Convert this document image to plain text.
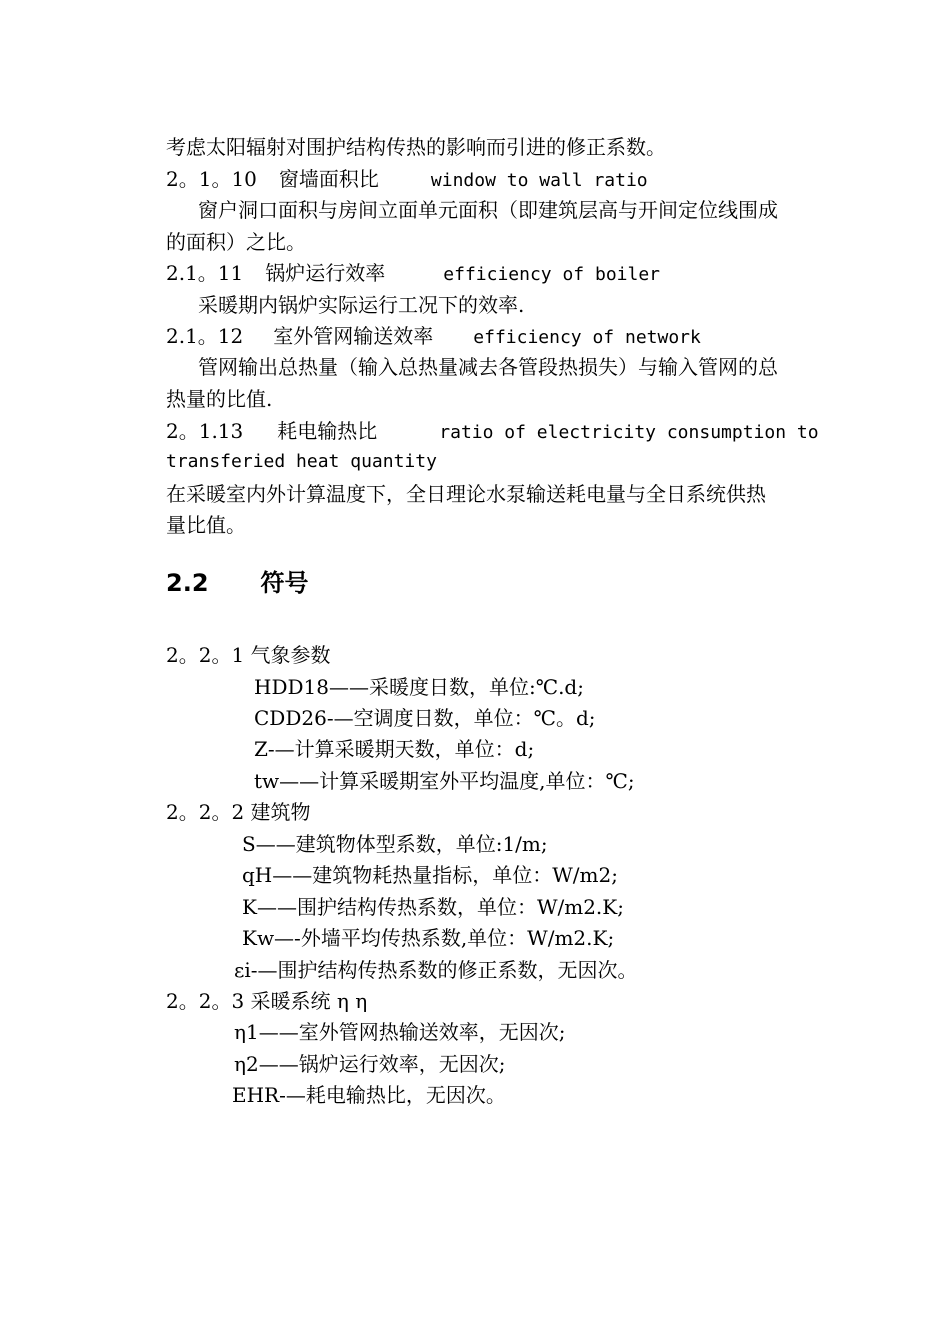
考虑太阳辐射对围护结构传热的影响而引进的修正系数。
2。1。10 窗墙面积比	window to wall ratio
窗户洞口面积与房间立面单元面积（即建筑层高与开间定位线围成
的面积）之比。
2.1。11 锅炉运行效率	efficiency of boiler
采暖期内锅炉实际运行工况下的效率.
2.1。12 室外管网输送效率 efficiency of network
管网输出总热量（输入总热量减去各管段热损失）与输入管网的总
热量的比值.
2。1.13 耗电输热比	ratio of electricity consumption to
transferied heat quantity
在采暖室内外计算温度下，全日理论水泵输送耗电量与全日系统供热
量比值。
2.2 符号
2。2。1 气象参数
HDD18——采暖度日数，单位:℃.d;
CDD26-—空调度日数，单位：℃。d;
Z-—计算采暖期天数，单位：d;
tw——计算采暖期室外平均温度,单位：℃;
2。2。2 建筑物
S——建筑物体型系数，单位:1/m;
qH——建筑物耗热量指标，单位：W/m2;
K——围护结构传热系数，单位：W/m2.K;
Kw—-外墙平均传热系数,单位：W/m2.K;
εi-—围护结构传热系数的修正系数，无因次。
2。2。3 采暖系统 η η
η1——室外管网热输送效率，无因次;
η2——锅炉运行效率，无因次;
EHR-—耗电输热比，无因次。
